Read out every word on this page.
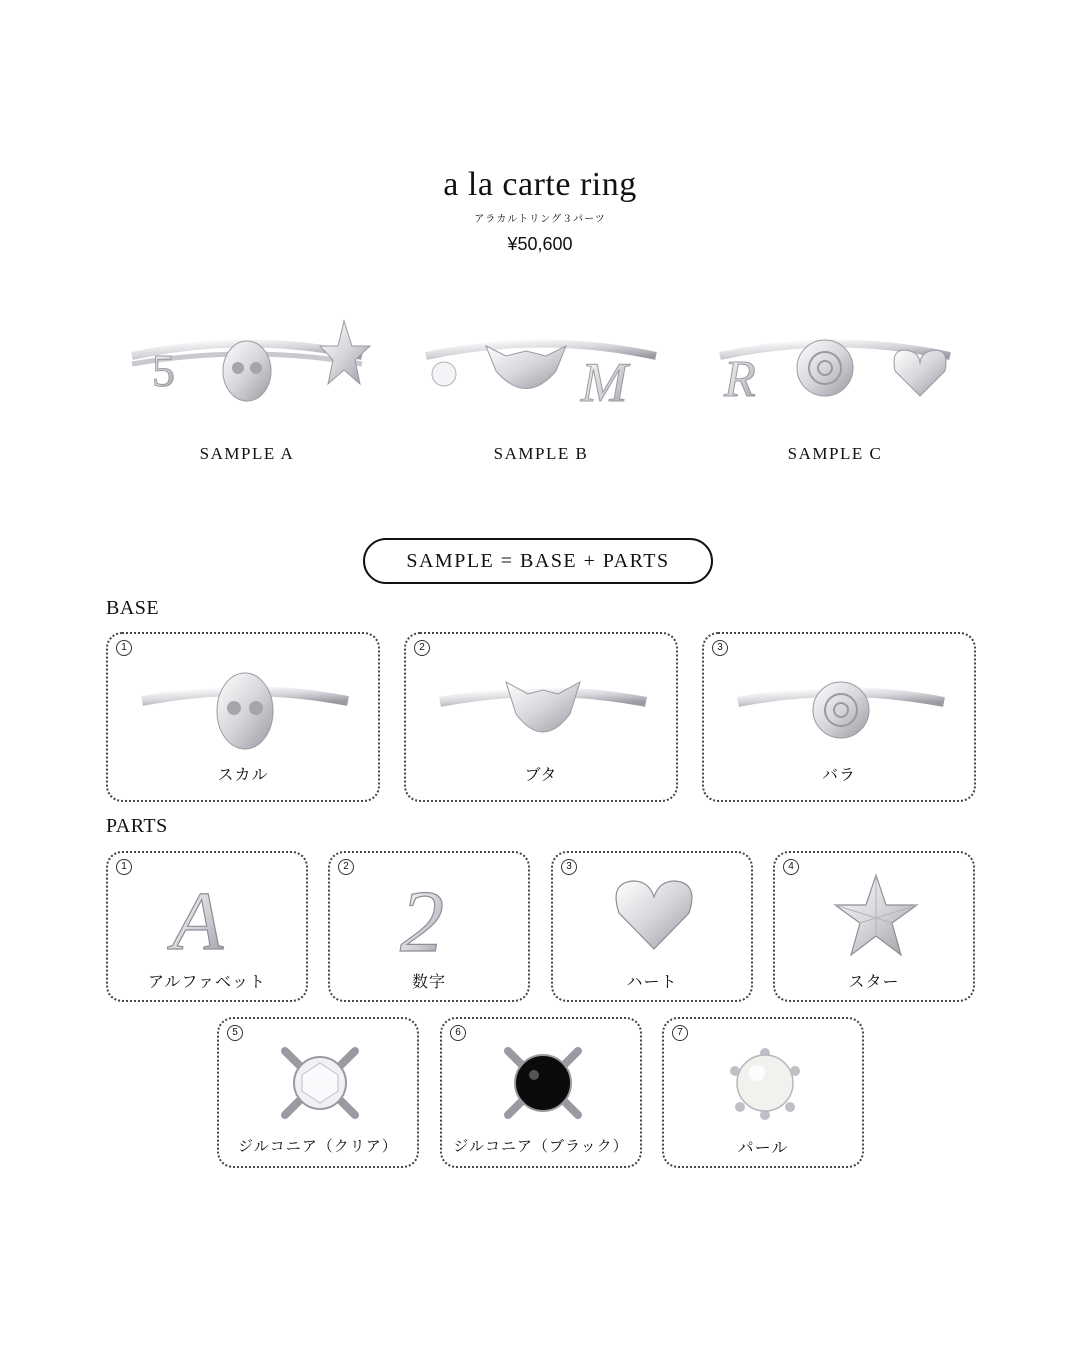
a la carte ring
アラカルトリング３パーツ
¥50,600
5
SAMPLE A
M
SAMPLE B
R
SAMPLE C
SAMPLE = BASE + PARTS
BASE
1
スカル
2
ブタ
3
バラ
PARTS
1
A
アルファベット
2
2
数字
3
ハート
4
スター
5
ジルコニア（クリア）
6
ジルコニア（ブラック）
7
パール
